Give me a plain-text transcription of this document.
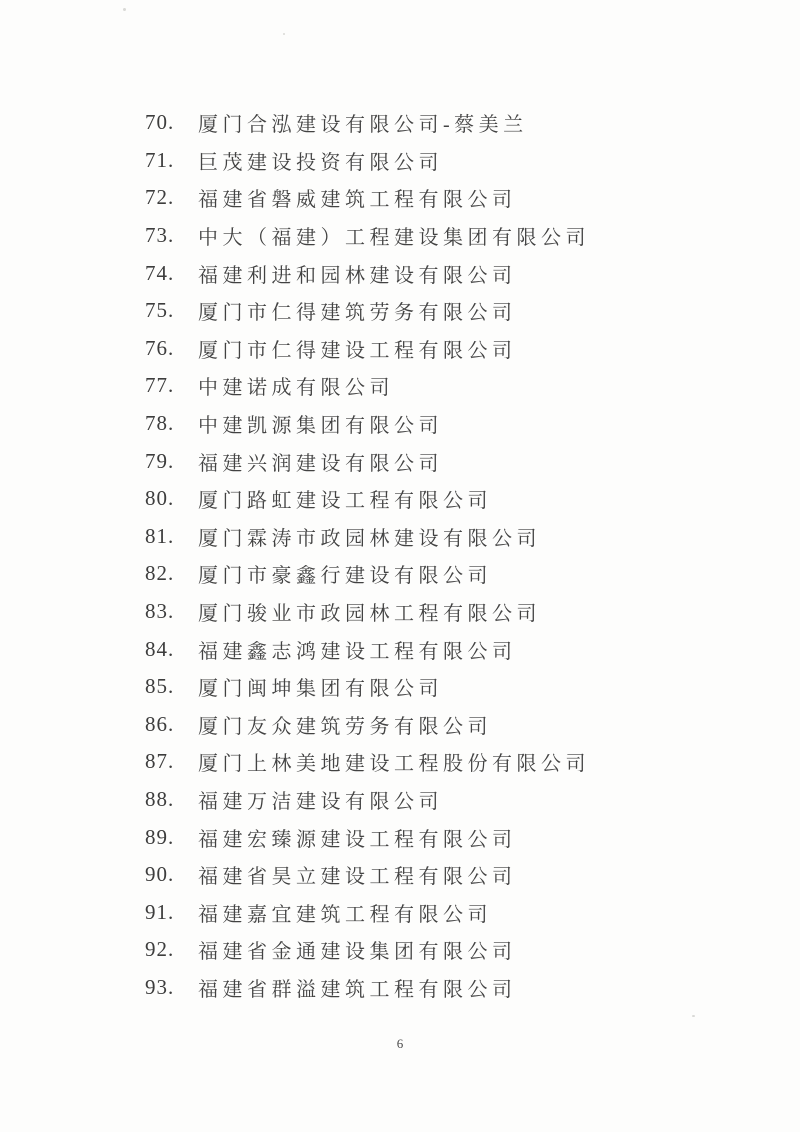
70.	厦门合泓建设有限公司-蔡美兰
71.	巨茂建设投资有限公司
72.	福建省磐威建筑工程有限公司
73.	中大（福建）工程建设集团有限公司
74.	福建利进和园林建设有限公司
75.	厦门市仁得建筑劳务有限公司
76.	厦门市仁得建设工程有限公司
77.	中建诺成有限公司
78.	中建凯源集团有限公司
79.	福建兴润建设有限公司
80.	厦门路虹建设工程有限公司
81.	厦门霖涛市政园林建设有限公司
82.	厦门市豪鑫行建设有限公司
83.	厦门骏业市政园林工程有限公司
84.	福建鑫志鸿建设工程有限公司
85.	厦门闽坤集团有限公司
86.	厦门友众建筑劳务有限公司
87.	厦门上林美地建设工程股份有限公司
88.	福建万洁建设有限公司
89.	福建宏臻源建设工程有限公司
90.	福建省昊立建设工程有限公司
91.	福建嘉宜建筑工程有限公司
92.	福建省金通建设集团有限公司
93.	福建省群溢建筑工程有限公司
6
